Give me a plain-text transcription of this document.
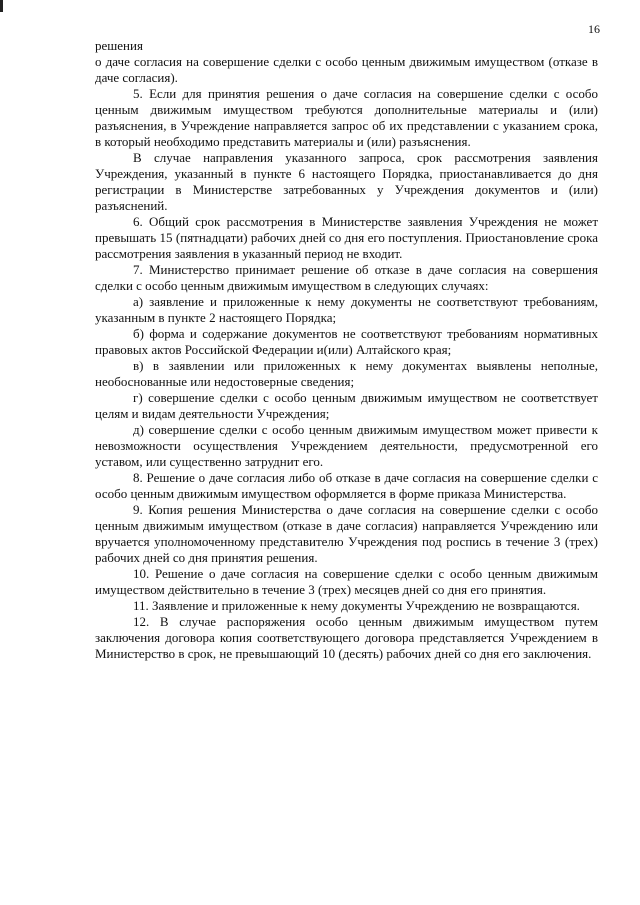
16

решения

о даче согласия на совершение сделки с особо ценным движимым имуществом (отказе в даче согласия).

5. Если для принятия решения о даче согласия на совершение сделки с особо ценным движимым имуществом требуются дополнительные материалы и (или) разъяснения, в Учреждение направляется запрос об их представлении с указанием срока, в который необходимо представить материалы и (или) разъяснения.

В случае направления указанного запроса, срок рассмотрения заявления Учреждения, указанный в пункте 6 настоящего Порядка, приостанавливается до дня регистрации в Министерстве затребованных у Учреждения документов и (или) разъяснений.

6. Общий срок рассмотрения в Министерстве заявления Учреждения не может превышать 15 (пятнадцати) рабочих дней со дня его поступления. Приостановление срока рассмотрения заявления в указанный период не входит.

7. Министерство принимает решение об отказе в даче согласия на совершения сделки с особо ценным движимым имуществом в следующих случаях:

а) заявление и приложенные к нему документы не соответствуют требованиям, указанным в пункте 2 настоящего Порядка;

б) форма и содержание документов не соответствуют требованиям нормативных правовых актов Российской Федерации и(или) Алтайского края;

в) в заявлении или приложенных к нему документах выявлены неполные, необоснованные или недостоверные сведения;

г) совершение сделки с особо ценным движимым имуществом не соответствует целям и видам деятельности Учреждения;

д) совершение сделки с особо ценным движимым имуществом может привести к невозможности осуществления Учреждением деятельности, предусмотренной его уставом, или существенно затруднит его.

8. Решение о даче согласия либо об отказе в даче согласия на совершение сделки с особо ценным движимым имуществом оформляется в форме приказа Министерства.

9. Копия решения Министерства о даче согласия на совершение сделки с особо ценным движимым имуществом (отказе в даче согласия) направляется Учреждению или вручается уполномоченному представителю Учреждения под роспись в течение 3 (трех) рабочих дней со дня принятия решения.

10. Решение о даче согласия на совершение сделки с особо ценным движимым имуществом действительно в течение 3 (трех) месяцев дней со дня его принятия.

11. Заявление и приложенные к нему документы Учреждению не возвращаются.

12. В случае распоряжения особо ценным движимым имуществом путем заключения договора копия соответствующего договора представляется Учреждением в Министерство в срок, не превышающий 10 (десять) рабочих дней со дня его заключения.
